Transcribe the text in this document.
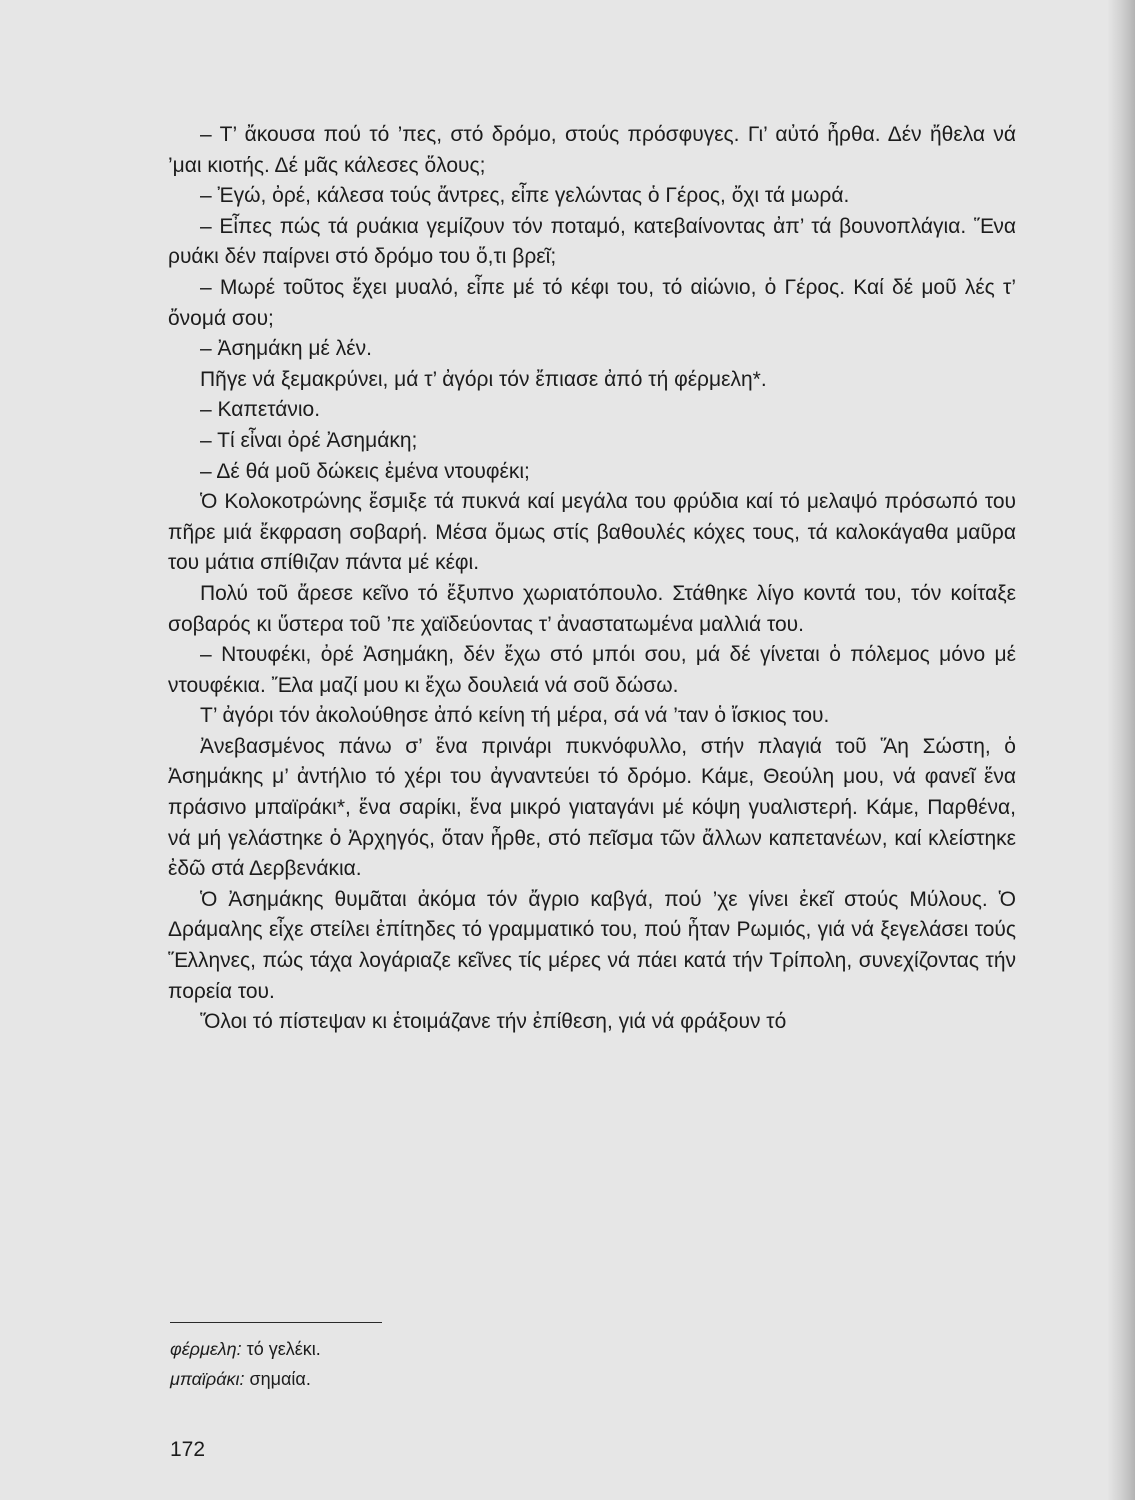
– Τ’ ἄκουσα πού τό ’πες, στό δρόμο, στούς πρόσφυγες. Γι’ αὐτό ἦρθα. Δέν ἤθελα νά ’μαι κιοτής. Δέ μᾶς κάλεσες ὅλους;

– Ἐγώ, ὀρέ, κάλεσα τούς ἄντρες, εἶπε γελώντας ὁ Γέρος, ὄχι τά μωρά.

– Εἶπες πώς τά ρυάκια γεμίζουν τόν ποταμό, κατεβαίνοντας ἀπ’ τά βουνοπλάγια. Ἕνα ρυάκι δέν παίρνει στό δρόμο του ὅ,τι βρεῖ;

– Μωρέ τοῦτος ἔχει μυαλό, εἶπε μέ τό κέφι του, τό αἰώνιο, ὁ Γέρος. Καί δέ μοῦ λές τ’ ὄνομά σου;

– Ἀσημάκη μέ λέν.

Πῆγε νά ξεμακρύνει, μά τ’ ἀγόρι τόν ἔπιασε ἀπό τή φέρμελη*.

– Καπετάνιο.

– Τί εἶναι ὀρέ Ἀσημάκη;

– Δέ θά μοῦ δώκεις ἐμένα ντουφέκι;

Ὁ Κολοκοτρώνης ἔσμιξε τά πυκνά καί μεγάλα του φρύδια καί τό μελαψό πρόσωπό του πῆρε μιά ἔκφραση σοβαρή. Μέσα ὅμως στίς βαθουλές κόχες τους, τά καλοκάγαθα μαῦρα του μάτια σπίθιζαν πάντα μέ κέφι.

Πολύ τοῦ ἄρεσε κεῖνο τό ἔξυπνο χωριατόπουλο. Στάθηκε λίγο κοντά του, τόν κοίταξε σοβαρός κι ὕστερα τοῦ ’πε χαϊδεύοντας τ’ ἀναστατωμένα μαλλιά του.

– Ντουφέκι, ὀρέ Ἀσημάκη, δέν ἔχω στό μπόι σου, μά δέ γίνεται ὁ πόλεμος μόνο μέ ντουφέκια. Ἔλα μαζί μου κι ἔχω δουλειά νά σοῦ δώσω.

Τ’ ἀγόρι τόν ἀκολούθησε ἀπό κείνη τή μέρα, σά νά ’ταν ὁ ἴσκιος του.

Ἀνεβασμένος πάνω σ’ ἕνα πρινάρι πυκνόφυλλο, στήν πλαγιά τοῦ Ἅη Σώστη, ὁ Ἀσημάκης μ’ ἀντήλιο τό χέρι του ἀγναντεύει τό δρόμο. Κάμε, Θεούλη μου, νά φανεῖ ἕνα πράσινο μπαϊράκι*, ἕνα σαρίκι, ἕνα μικρό γιαταγάνι μέ κόψη γυαλιστερή. Κάμε, Παρθένα, νά μή γελάστηκε ὁ Ἀρχηγός, ὅταν ἦρθε, στό πεῖσμα τῶν ἄλλων καπετανέων, καί κλείστηκε ἐδῶ στά Δερβενάκια.

Ὁ Ἀσημάκης θυμᾶται ἀκόμα τόν ἄγριο καβγά, πού ’χε γίνει ἐκεῖ στούς Μύλους. Ὁ Δράμαλης εἶχε στείλει ἐπίτηδες τό γραμματικό του, πού ἦταν Ρωμιός, γιά νά ξεγελάσει τούς Ἕλληνες, πώς τάχα λογάριαζε κεῖνες τίς μέρες νά πάει κατά τήν Τρίπολη, συνεχίζοντας τήν πορεία του.

Ὅλοι τό πίστεψαν κι ἑτοιμάζανε τήν ἐπίθεση, γιά νά φράξουν τό

φέρμελη: τό γελέκι.
μπαϊράκι: σημαία.
172
